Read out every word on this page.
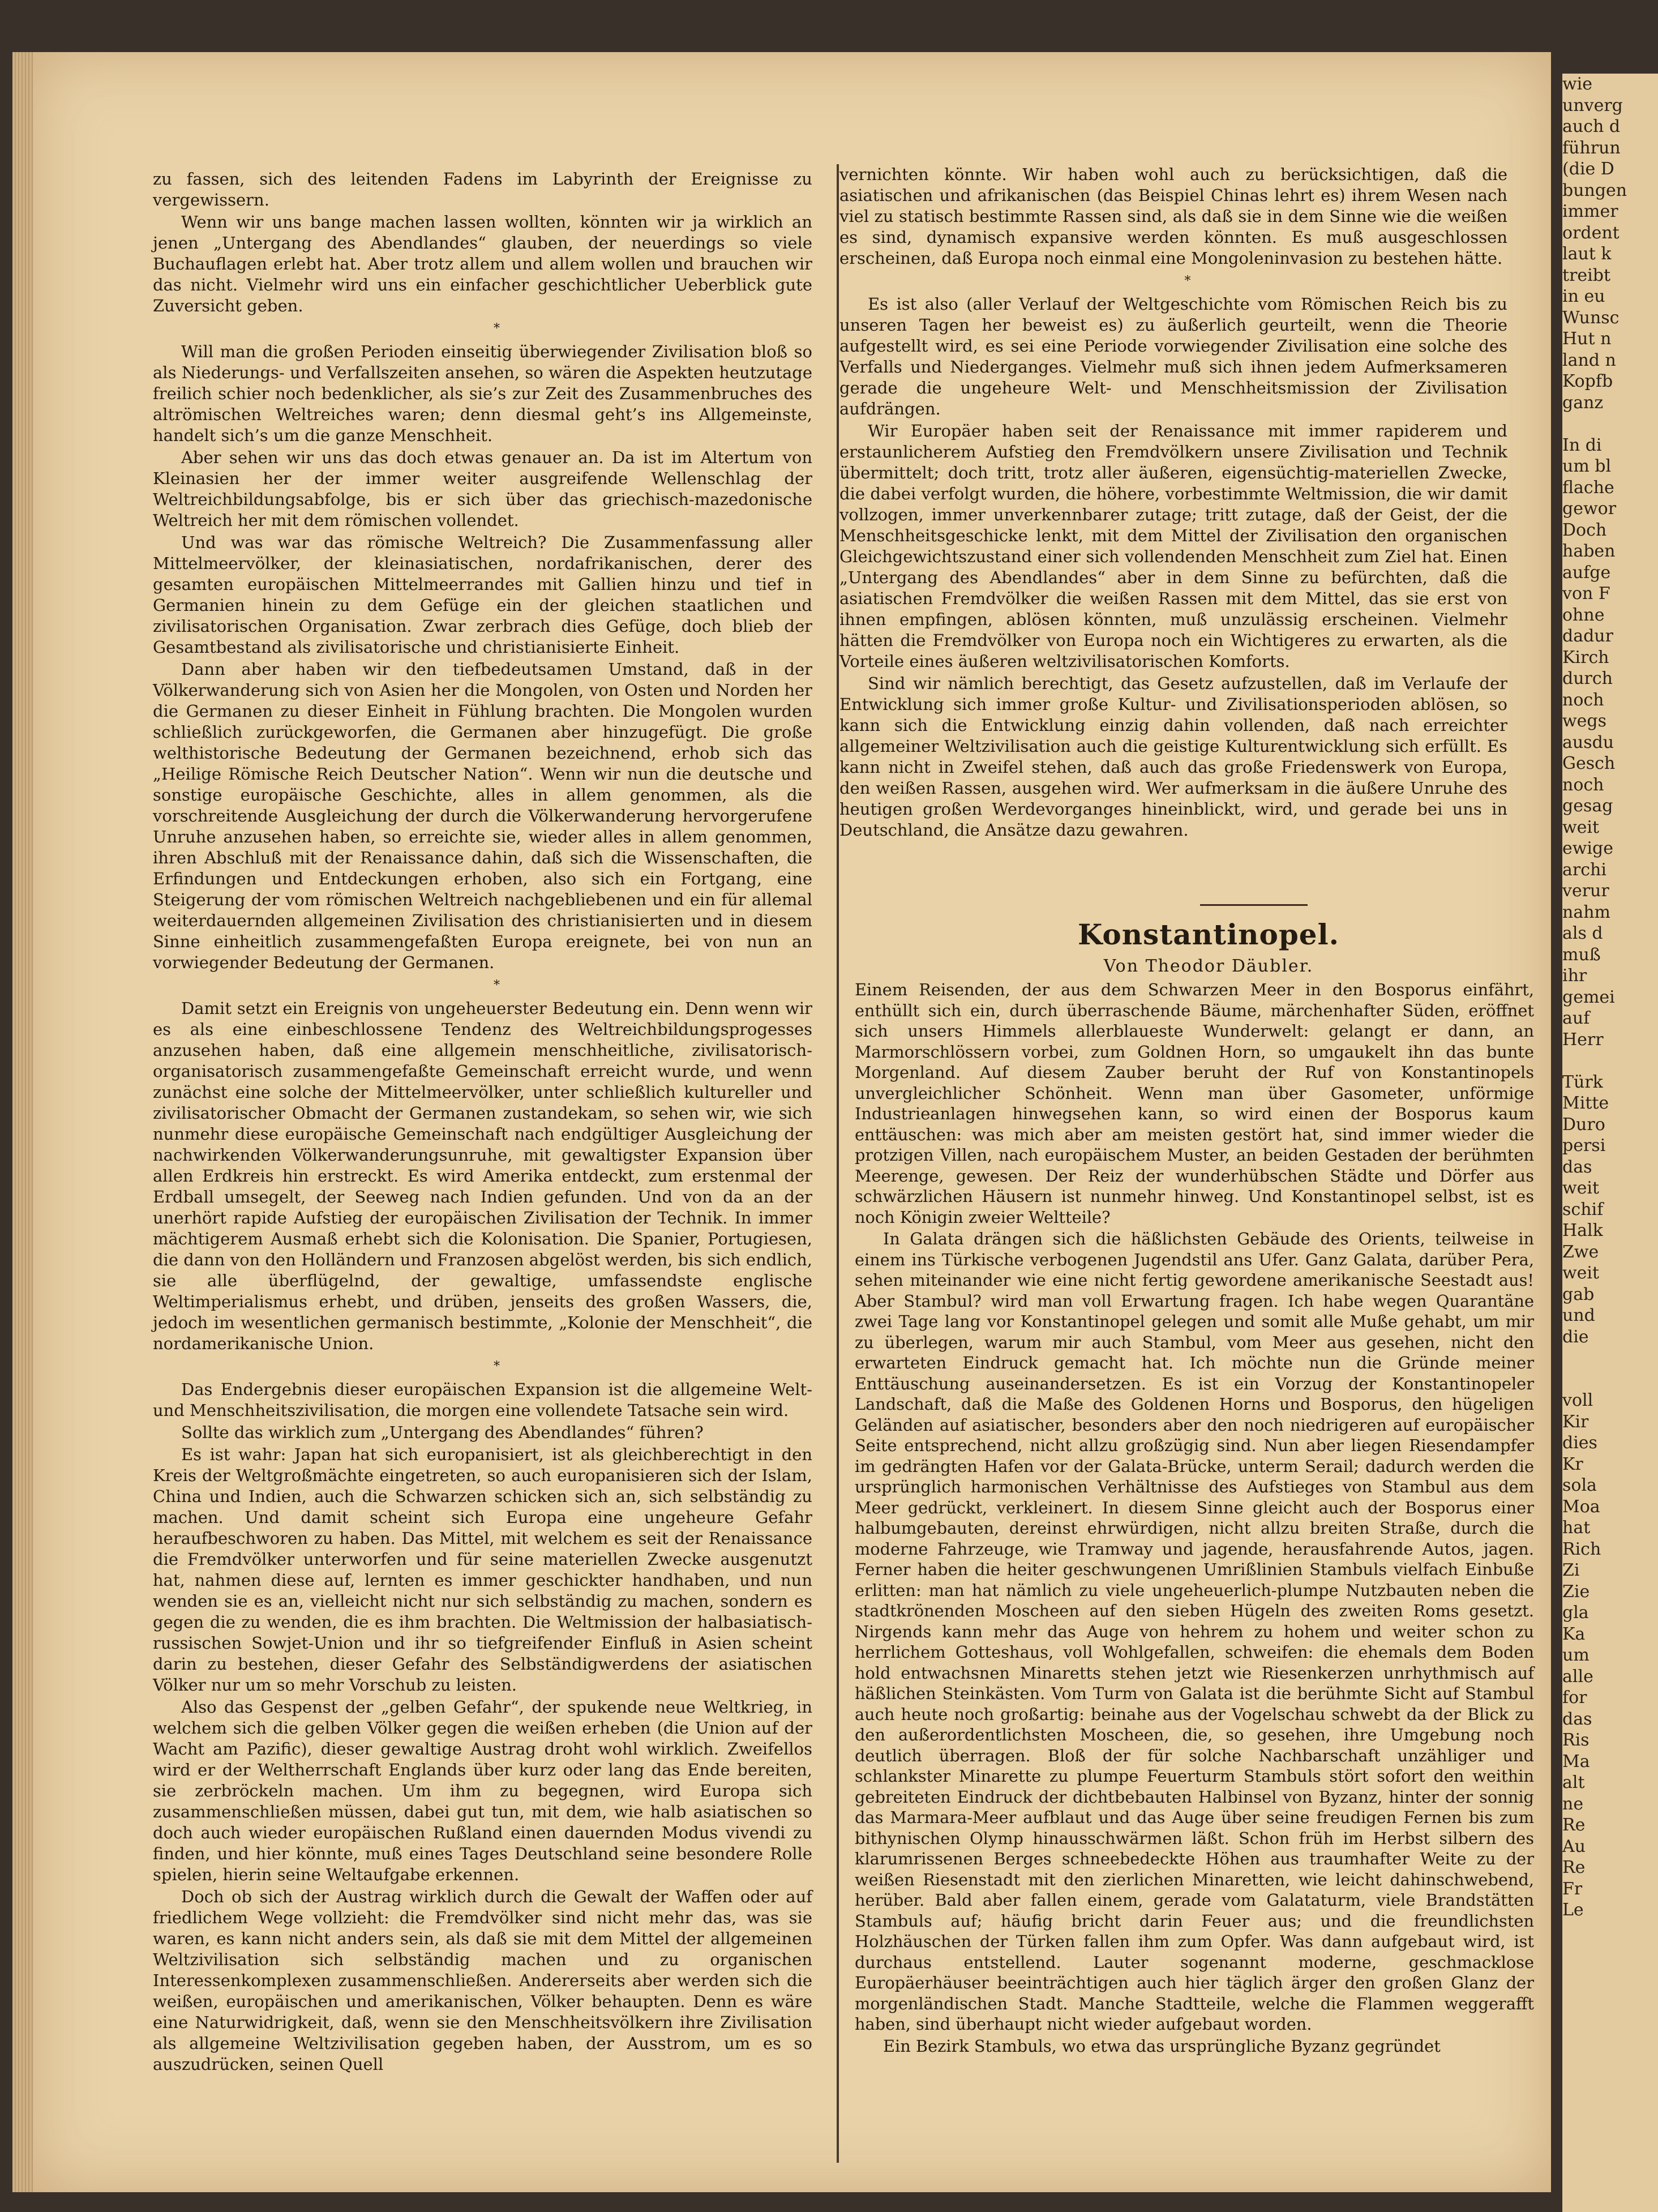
zu fassen, sich des leitenden Fadens im Labyrinth der Ereignisse zu vergewissern.

Wenn wir uns bange machen lassen wollten, könnten wir ja wirklich an jenen „Untergang des Abendlandes“ glauben, der neuerdings so viele Buchauflagen erlebt hat. Aber trotz allem und allem wollen und brauchen wir das nicht. Vielmehr wird uns ein einfacher geschichtlicher Ueberblick gute Zuversicht geben.

*

Will man die großen Perioden einseitig überwiegender Zivilisation bloß so als Niederungs- und Verfallszeiten ansehen, so wären die Aspekten heutzutage freilich schier noch bedenklicher, als sie’s zur Zeit des Zusammenbruches des altrömischen Weltreiches waren; denn diesmal geht’s ins Allgemeinste, handelt sich’s um die ganze Menschheit.

Aber sehen wir uns das doch etwas genauer an. Da ist im Altertum von Kleinasien her der immer weiter ausgreifende Wellenschlag der Weltreichbildungsabfolge, bis er sich über das griechisch-mazedonische Weltreich her mit dem römischen vollendet.

Und was war das römische Weltreich? Die Zusammenfassung aller Mittelmeervölker, der kleinasiatischen, nordafrikanischen, derer des gesamten europäischen Mittelmeerrandes mit Gallien hinzu und tief in Germanien hinein zu dem Gefüge ein der gleichen staatlichen und zivilisatorischen Organisation. Zwar zerbrach dies Gefüge, doch blieb der Gesamtbestand als zivilisatorische und christianisierte Einheit.

Dann aber haben wir den tiefbedeutsamen Umstand, daß in der Völkerwanderung sich von Asien her die Mongolen, von Osten und Norden her die Germanen zu dieser Einheit in Fühlung brachten. Die Mongolen wurden schließlich zurückgeworfen, die Germanen aber hinzugefügt. Die große welthistorische Bedeutung der Germanen bezeichnend, erhob sich das „Heilige Römische Reich Deutscher Nation“. Wenn wir nun die deutsche und sonstige europäische Geschichte, alles in allem genommen, als die vorschreitende Ausgleichung der durch die Völkerwanderung hervorgerufene Unruhe anzusehen haben, so erreichte sie, wieder alles in allem genommen, ihren Abschluß mit der Renaissance dahin, daß sich die Wissenschaften, die Erfindungen und Entdeckungen erhoben, also sich ein Fortgang, eine Steigerung der vom römischen Weltreich nachgebliebenen und ein für allemal weiterdauernden allgemeinen Zivilisation des christianisierten und in diesem Sinne einheitlich zusammengefaßten Europa ereignete, bei von nun an vorwiegender Bedeutung der Germanen.

*

Damit setzt ein Ereignis von ungeheuerster Bedeutung ein. Denn wenn wir es als eine einbeschlossene Tendenz des Weltreichbildungsprogesses anzusehen haben, daß eine allgemein menschheitliche, zivilisatorisch-organisatorisch zusammengefaßte Gemeinschaft erreicht wurde, und wenn zunächst eine solche der Mittelmeervölker, unter schließlich kultureller und zivilisatorischer Obmacht der Germanen zustandekam, so sehen wir, wie sich nunmehr diese europäische Gemeinschaft nach endgültiger Ausgleichung der nachwirkenden Völkerwanderungsunruhe, mit gewaltigster Expansion über allen Erdkreis hin erstreckt. Es wird Amerika entdeckt, zum erstenmal der Erdball umsegelt, der Seeweg nach Indien gefunden. Und von da an der unerhört rapide Aufstieg der europäischen Zivilisation der Technik. In immer mächtigerem Ausmaß erhebt sich die Kolonisation. Die Spanier, Portugiesen, die dann von den Holländern und Franzosen abgelöst werden, bis sich endlich, sie alle überflügelnd, der gewaltige, umfassendste englische Weltimperialismus erhebt, und drüben, jenseits des großen Wassers, die, jedoch im wesentlichen germanisch bestimmte, „Kolonie der Menschheit“, die nordamerikanische Union.

*

Das Endergebnis dieser europäischen Expansion ist die allgemeine Welt- und Menschheitszivilisation, die morgen eine vollendete Tatsache sein wird.

Sollte das wirklich zum „Untergang des Abendlandes“ führen?

Es ist wahr: Japan hat sich europanisiert, ist als gleichberechtigt in den Kreis der Weltgroßmächte eingetreten, so auch europanisieren sich der Islam, China und Indien, auch die Schwarzen schicken sich an, sich selbständig zu machen. Und damit scheint sich Europa eine ungeheure Gefahr heraufbeschworen zu haben. Das Mittel, mit welchem es seit der Renaissance die Fremdvölker unterworfen und für seine materiellen Zwecke ausgenutzt hat, nahmen diese auf, lernten es immer geschickter handhaben, und nun wenden sie es an, vielleicht nicht nur sich selbständig zu machen, sondern es gegen die zu wenden, die es ihm brachten. Die Weltmission der halbasiatisch-russischen Sowjet-Union und ihr so tiefgreifender Einfluß in Asien scheint darin zu bestehen, dieser Gefahr des Selbständigwerdens der asiatischen Völker nur um so mehr Vorschub zu leisten.

Also das Gespenst der „gelben Gefahr“, der spukende neue Weltkrieg, in welchem sich die gelben Völker gegen die weißen erheben (die Union auf der Wacht am Pazific), dieser gewaltige Austrag droht wohl wirklich. Zweifellos wird er der Weltherrschaft Englands über kurz oder lang das Ende bereiten, sie zerbröckeln machen. Um ihm zu begegnen, wird Europa sich zusammenschließen müssen, dabei gut tun, mit dem, wie halb asiatischen so doch auch wieder europäischen Rußland einen dauernden Modus vivendi zu finden, und hier könnte, muß eines Tages Deutschland seine besondere Rolle spielen, hierin seine Weltaufgabe erkennen.

Doch ob sich der Austrag wirklich durch die Gewalt der Waffen oder auf friedlichem Wege vollzieht: die Fremdvölker sind nicht mehr das, was sie waren, es kann nicht anders sein, als daß sie mit dem Mittel der allgemeinen Weltzivilisation sich selbständig machen und zu organischen Interessenkomplexen zusammenschließen. Andererseits aber werden sich die weißen, europäischen und amerikanischen, Völker behaupten. Denn es wäre eine Naturwidrigkeit, daß, wenn sie den Menschheitsvölkern ihre Zivilisation als allgemeine Weltzivilisation gegeben haben, der Ausstrom, um es so auszudrücken, seinen Quell

vernichten könnte. Wir haben wohl auch zu berücksichtigen, daß die asiatischen und afrikanischen (das Beispiel Chinas lehrt es) ihrem Wesen nach viel zu statisch bestimmte Rassen sind, als daß sie in dem Sinne wie die weißen es sind, dynamisch expansive werden könnten. Es muß ausgeschlossen erscheinen, daß Europa noch einmal eine Mongoleninvasion zu bestehen hätte.

*

Es ist also (aller Verlauf der Weltgeschichte vom Römischen Reich bis zu unseren Tagen her beweist es) zu äußerlich geurteilt, wenn die Theorie aufgestellt wird, es sei eine Periode vorwiegender Zivilisation eine solche des Verfalls und Niederganges. Vielmehr muß sich ihnen jedem Aufmerksameren gerade die ungeheure Welt- und Menschheitsmission der Zivilisation aufdrängen.

Wir Europäer haben seit der Renaissance mit immer rapiderem und erstaunlicherem Aufstieg den Fremdvölkern unsere Zivilisation und Technik übermittelt; doch tritt, trotz aller äußeren, eigensüchtig-materiellen Zwecke, die dabei verfolgt wurden, die höhere, vorbestimmte Weltmission, die wir damit vollzogen, immer unverkennbarer zutage; tritt zutage, daß der Geist, der die Menschheitsgeschicke lenkt, mit dem Mittel der Zivilisation den organischen Gleichgewichtszustand einer sich vollendenden Menschheit zum Ziel hat. Einen „Untergang des Abendlandes“ aber in dem Sinne zu befürchten, daß die asiatischen Fremdvölker die weißen Rassen mit dem Mittel, das sie erst von ihnen empfingen, ablösen könnten, muß unzulässig erscheinen. Vielmehr hätten die Fremdvölker von Europa noch ein Wichtigeres zu erwarten, als die Vorteile eines äußeren weltzivilisatorischen Komforts.

Sind wir nämlich berechtigt, das Gesetz aufzustellen, daß im Verlaufe der Entwicklung sich immer große Kultur- und Zivilisationsperioden ablösen, so kann sich die Entwicklung einzig dahin vollenden, daß nach erreichter allgemeiner Weltzivilisation auch die geistige Kulturentwicklung sich erfüllt. Es kann nicht in Zweifel stehen, daß auch das große Friedenswerk von Europa, den weißen Rassen, ausgehen wird. Wer aufmerksam in die äußere Unruhe des heutigen großen Werdevorganges hineinblickt, wird, und gerade bei uns in Deutschland, die Ansätze dazu gewahren.

Konstantinopel.

Von Theodor Däubler.

Einem Reisenden, der aus dem Schwarzen Meer in den Bosporus einfährt, enthüllt sich ein, durch überraschende Bäume, märchenhafter Süden, eröffnet sich unsers Himmels allerblaueste Wunderwelt: gelangt er dann, an Marmorschlössern vorbei, zum Goldnen Horn, so umgaukelt ihn das bunte Morgenland. Auf diesem Zauber beruht der Ruf von Konstantinopels unvergleichlicher Schönheit. Wenn man über Gasometer, unförmige Industrieanlagen hinwegsehen kann, so wird einen der Bosporus kaum enttäuschen: was mich aber am meisten gestört hat, sind immer wieder die protzigen Villen, nach europäischem Muster, an beiden Gestaden der berühmten Meerenge, gewesen. Der Reiz der wunderhübschen Städte und Dörfer aus schwärzlichen Häusern ist nunmehr hinweg. Und Konstantinopel selbst, ist es noch Königin zweier Weltteile?

In Galata drängen sich die häßlichsten Gebäude des Orients, teilweise in einem ins Türkische verbogenen Jugendstil ans Ufer. Ganz Galata, darüber Pera, sehen miteinander wie eine nicht fertig gewordene amerikanische Seestadt aus! Aber Stambul? wird man voll Erwartung fragen. Ich habe wegen Quarantäne zwei Tage lang vor Konstantinopel gelegen und somit alle Muße gehabt, um mir zu überlegen, warum mir auch Stambul, vom Meer aus gesehen, nicht den erwarteten Eindruck gemacht hat. Ich möchte nun die Gründe meiner Enttäuschung auseinandersetzen. Es ist ein Vorzug der Konstantinopeler Landschaft, daß die Maße des Goldenen Horns und Bosporus, den hügeligen Geländen auf asiatischer, besonders aber den noch niedrigeren auf europäischer Seite entsprechend, nicht allzu großzügig sind. Nun aber liegen Riesendampfer im gedrängten Hafen vor der Galata-Brücke, unterm Serail; dadurch werden die ursprünglich harmonischen Verhältnisse des Aufstieges von Stambul aus dem Meer gedrückt, verkleinert. In diesem Sinne gleicht auch der Bosporus einer halbumgebauten, dereinst ehrwürdigen, nicht allzu breiten Straße, durch die moderne Fahrzeuge, wie Tramway und jagende, herausfahrende Autos, jagen. Ferner haben die heiter geschwungenen Umrißlinien Stambuls vielfach Einbuße erlitten: man hat nämlich zu viele ungeheuerlich-plumpe Nutzbauten neben die stadtkrönenden Moscheen auf den sieben Hügeln des zweiten Roms gesetzt. Nirgends kann mehr das Auge von hehrem zu hohem und weiter schon zu herrlichem Gotteshaus, voll Wohlgefallen, schweifen: die ehemals dem Boden hold entwachsnen Minaretts stehen jetzt wie Riesenkerzen unrhythmisch auf häßlichen Steinkästen. Vom Turm von Galata ist die berühmte Sicht auf Stambul auch heute noch großartig: beinahe aus der Vogelschau schwebt da der Blick zu den außerordentlichsten Moscheen, die, so gesehen, ihre Umgebung noch deutlich überragen. Bloß der für solche Nachbarschaft unzähliger und schlankster Minarette zu plumpe Feuerturm Stambuls stört sofort den weithin gebreiteten Eindruck der dichtbebauten Halbinsel von Byzanz, hinter der sonnig das Marmara-Meer aufblaut und das Auge über seine freudigen Fernen bis zum bithynischen Olymp hinausschwärmen läßt. Schon früh im Herbst silbern des klarumrissenen Berges schneebedeckte Höhen aus traumhafter Weite zu der weißen Riesenstadt mit den zierlichen Minaretten, wie leicht dahinschwebend, herüber. Bald aber fallen einem, gerade vom Galataturm, viele Brandstätten Stambuls auf; häufig bricht darin Feuer aus; und die freundlichsten Holzhäuschen der Türken fallen ihm zum Opfer. Was dann aufgebaut wird, ist durchaus entstellend. Lauter sogenannt moderne, geschmacklose Europäerhäuser beeinträchtigen auch hier täglich ärger den großen Glanz der morgenländischen Stadt. Manche Stadtteile, welche die Flammen weggerafft haben, sind überhaupt nicht wieder aufgebaut worden.

Ein Bezirk Stambuls, wo etwa das ursprüngliche Byzanz gegründet

wie

unverg

auch d

führun

(die D

bungen

immer

ordent

laut k

treibt

in eu

Wunsc

Hut n

land n

Kopfb

ganz

In di

um bl

flache

gewor

Doch

haben

aufge

von F

ohne

dadur

Kirch

durch

noch

wegs

ausdu

Gesch

noch

gesag

weit

ewige

archi

verur

nahm

als d

muß

ihr

gemei

auf

Herr

Türk

Mitte

Duro

persi

das

weit

schif

Halk

Zwe

weit

gab

und

die

voll

Kir

dies

Kr

sola

Moa

hat

Rich

Zi

Zie

gla

Ka

um

alle

for

das

Ris

Ma

alt

ne

Re

Au

Re

Fr

Le
